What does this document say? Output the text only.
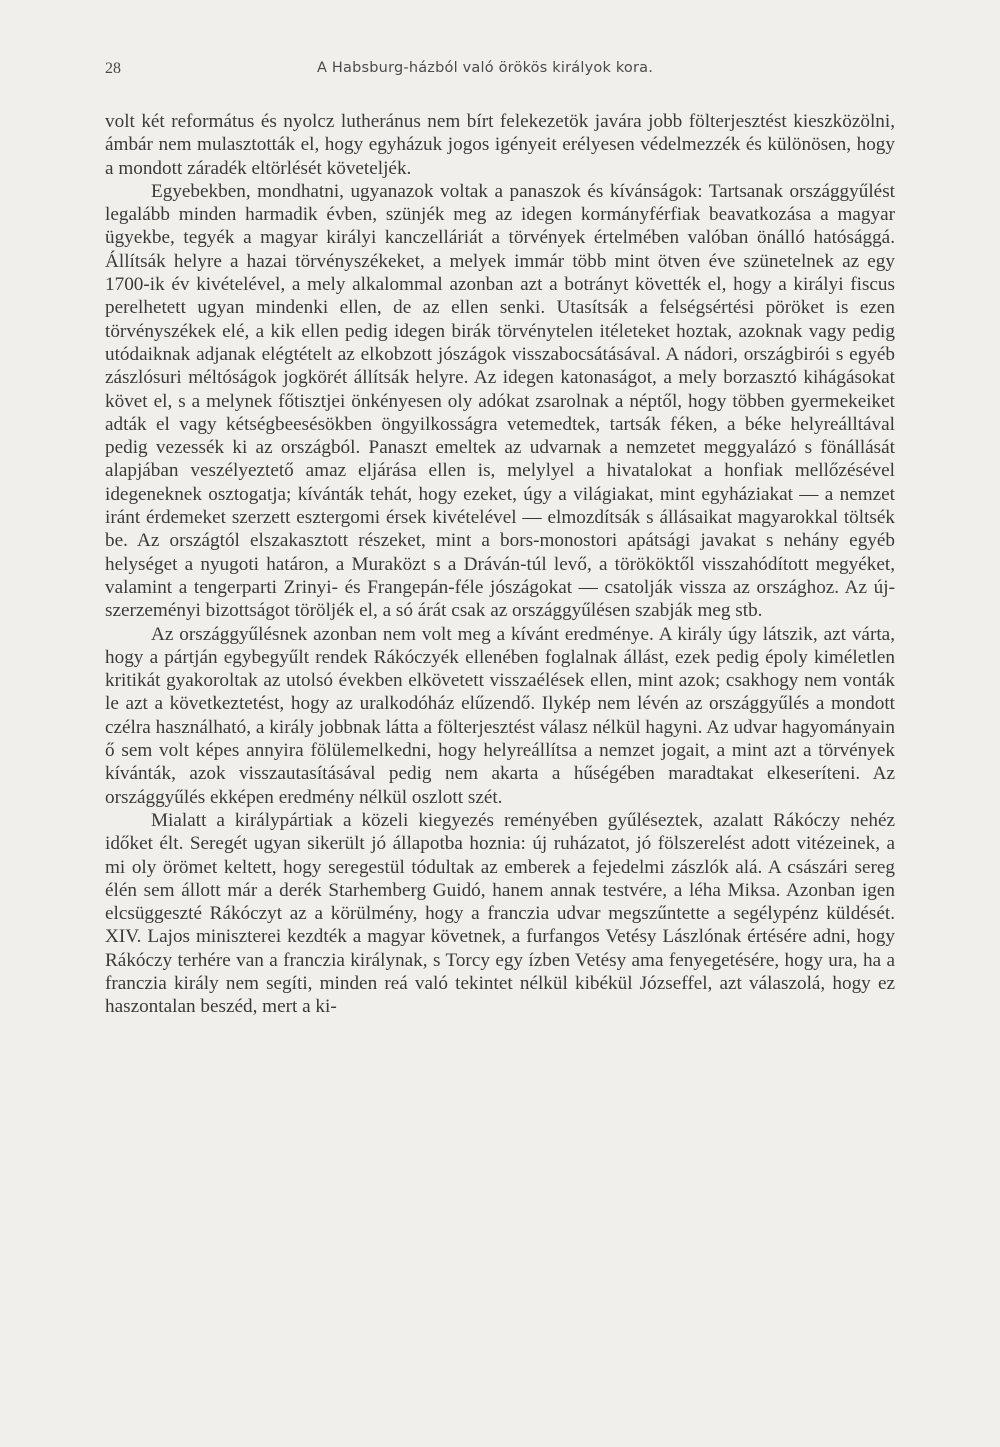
28	A Habsburg-házból való örökös királyok kora.

volt két református és nyolcz lutheránus nem bírt felekezetök javára jobb fölterjesztést kieszközölni, ámbár nem mulasztották el, hogy egyházuk jogos igényeit erélyesen védelmezzék és különösen, hogy a mondott záradék eltörlését követeljék.

Egyebekben, mondhatni, ugyanazok voltak a panaszok és kívánságok: Tartsanak országgyűlést legalább minden harmadik évben, szünjék meg az idegen kormányférfiak beavatkozása a magyar ügyekbe, tegyék a magyar királyi kanczelláriát a törvények értelmében valóban önálló hatósággá. Állítsák helyre a hazai törvényszékeket, a melyek immár több mint ötven éve szünetelnek az egy 1700-ik év kivételével, a mely alkalommal azonban azt a botrányt követték el, hogy a királyi fiscus perelhetett ugyan mindenki ellen, de az ellen senki. Utasítsák a felségsértési pöröket is ezen törvényszékek elé, a kik ellen pedig idegen birák törvénytelen itéleteket hoztak, azoknak vagy pedig utódaiknak adjanak elégtételt az elkobzott jószágok visszabocsátásával. A nádori, országbirói s egyéb zászlósuri méltóságok jogkörét állítsák helyre. Az idegen katonaságot, a mely borzasztó kihágásokat követ el, s a melynek főtisztjei önkényesen oly adókat zsarolnak a néptől, hogy többen gyermekeiket adták el vagy kétségbeesésökben öngyilkosságra vetemedtek, tartsák féken, a béke helyreálltával pedig vezessék ki az országból. Panaszt emeltek az udvarnak a nemzetet meggyalázó s fönállását alapjában veszélyeztető amaz eljárása ellen is, melylyel a hivatalokat a honfiak mellőzésével idegeneknek osztogatja; kívánták tehát, hogy ezeket, úgy a világiakat, mint egyháziakat — a nemzet iránt érdemeket szerzett esztergomi érsek kivételével — elmozdítsák s állásaikat magyarokkal töltsék be. Az országtól elszakasztott részeket, mint a bors-monostori apátsági javakat s nehány egyéb helységet a nyugoti határon, a Muraközt s a Dráván-túl levő, a törököktől visszahódított megyéket, valamint a tengerparti Zrinyi- és Frangepán-féle jószágokat — csatolják vissza az országhoz. Az újszerzeményi bizottságot töröljék el, a só árát csak az országgyűlésen szabják meg stb.

Az országgyűlésnek azonban nem volt meg a kívánt eredménye. A király úgy látszik, azt várta, hogy a pártján egybegyűlt rendek Rákóczyék ellenében foglalnak állást, ezek pedig époly kiméletlen kritikát gyakoroltak az utolsó években elkövetett visszaélések ellen, mint azok; csakhogy nem vonták le azt a következtetést, hogy az uralkodóház elűzendő. Ilykép nem lévén az országgyűlés a mondott czélra használható, a király jobbnak látta a fölterjesztést válasz nélkül hagyni. Az udvar hagyományain ő sem volt képes annyira fölülemelkedni, hogy helyreállítsa a nemzet jogait, a mint azt a törvények kívánták, azok visszautasításával pedig nem akarta a hűségében maradtakat elkeseríteni. Az országgyűlés ekképen eredmény nélkül oszlott szét.

Mialatt a királypártiak a közeli kiegyezés reményében gyűléseztek, azalatt Rákóczy nehéz időket élt. Seregét ugyan sikerült jó állapotba hoznia: új ruházatot, jó fölszerelést adott vitézeinek, a mi oly örömet keltett, hogy seregestül tódultak az emberek a fejedelmi zászlók alá. A császári sereg élén sem állott már a derék Starhemberg Guidó, hanem annak testvére, a léha Miksa. Azonban igen elcsüggeszté Rákóczyt az a körülmény, hogy a franczia udvar megszűntette a segélypénz küldését. XIV. Lajos miniszterei kezdték a magyar követnek, a furfangos Vetésy Lászlónak értésére adni, hogy Rákóczy terhére van a franczia királynak, s Torcy egy ízben Vetésy ama fenyegetésére, hogy ura, ha a franczia király nem segíti, minden reá való tekintet nélkül kibékül Józseffel, azt válaszolá, hogy ez haszontalan beszéd, mert a ki-
